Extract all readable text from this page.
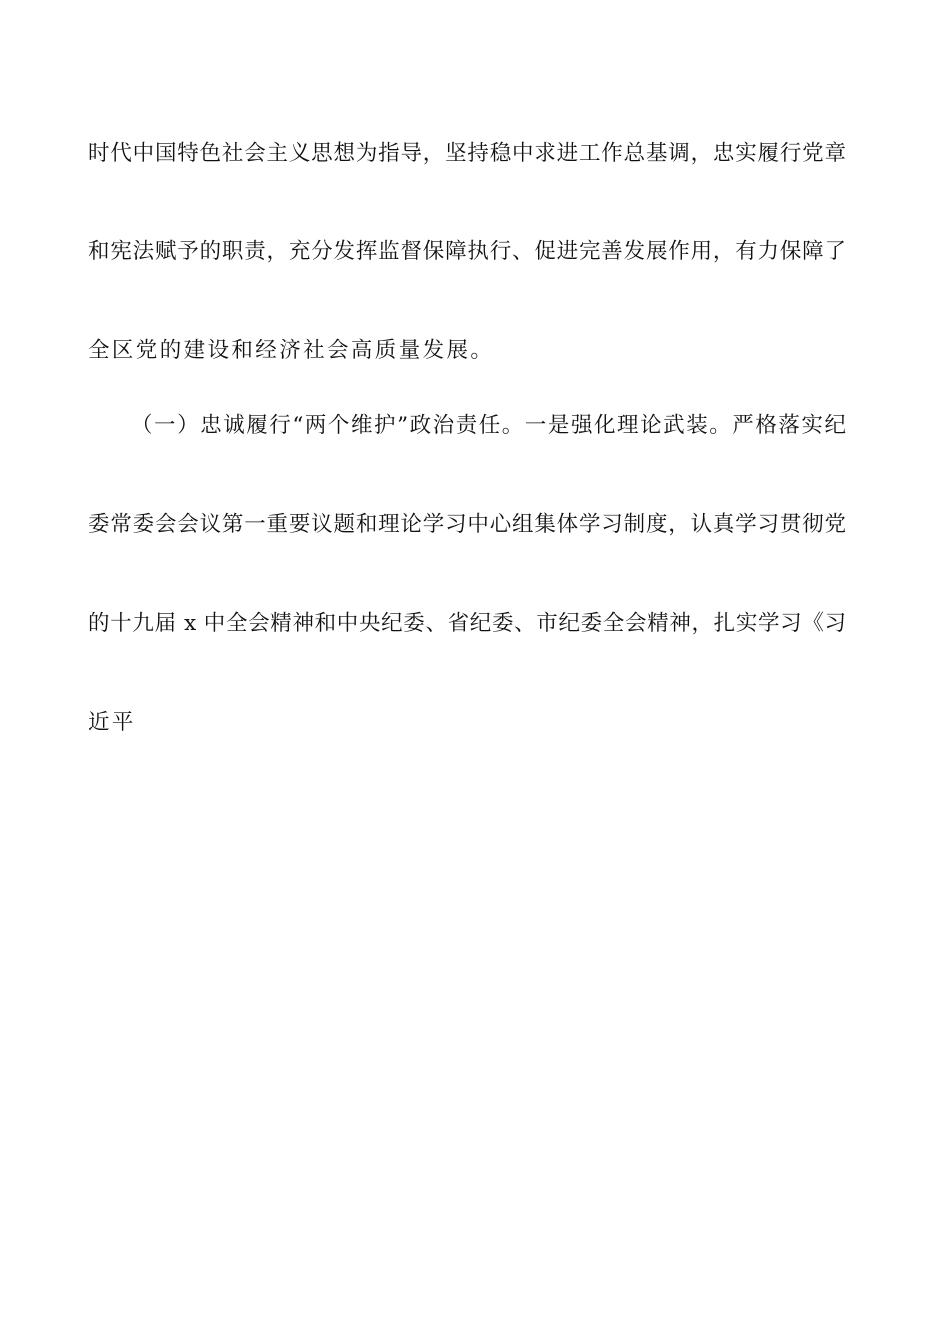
时代中国特色社会主义思想为指导，坚持稳中求进工作总基调，忠实履行党章
和宪法赋予的职责，充分发挥监督保障执行、促进完善发展作用，有力保障了
全区党的建设和经济社会高质量发展。
（一）忠诚履行“两个维护”政治责任。一是强化理论武装。严格落实纪
委常委会会议第一重要议题和理论学习中心组集体学习制度，认真学习贯彻党
的十九届 x 中全会精神和中央纪委、省纪委、市纪委全会精神，扎实学习《习
近平
